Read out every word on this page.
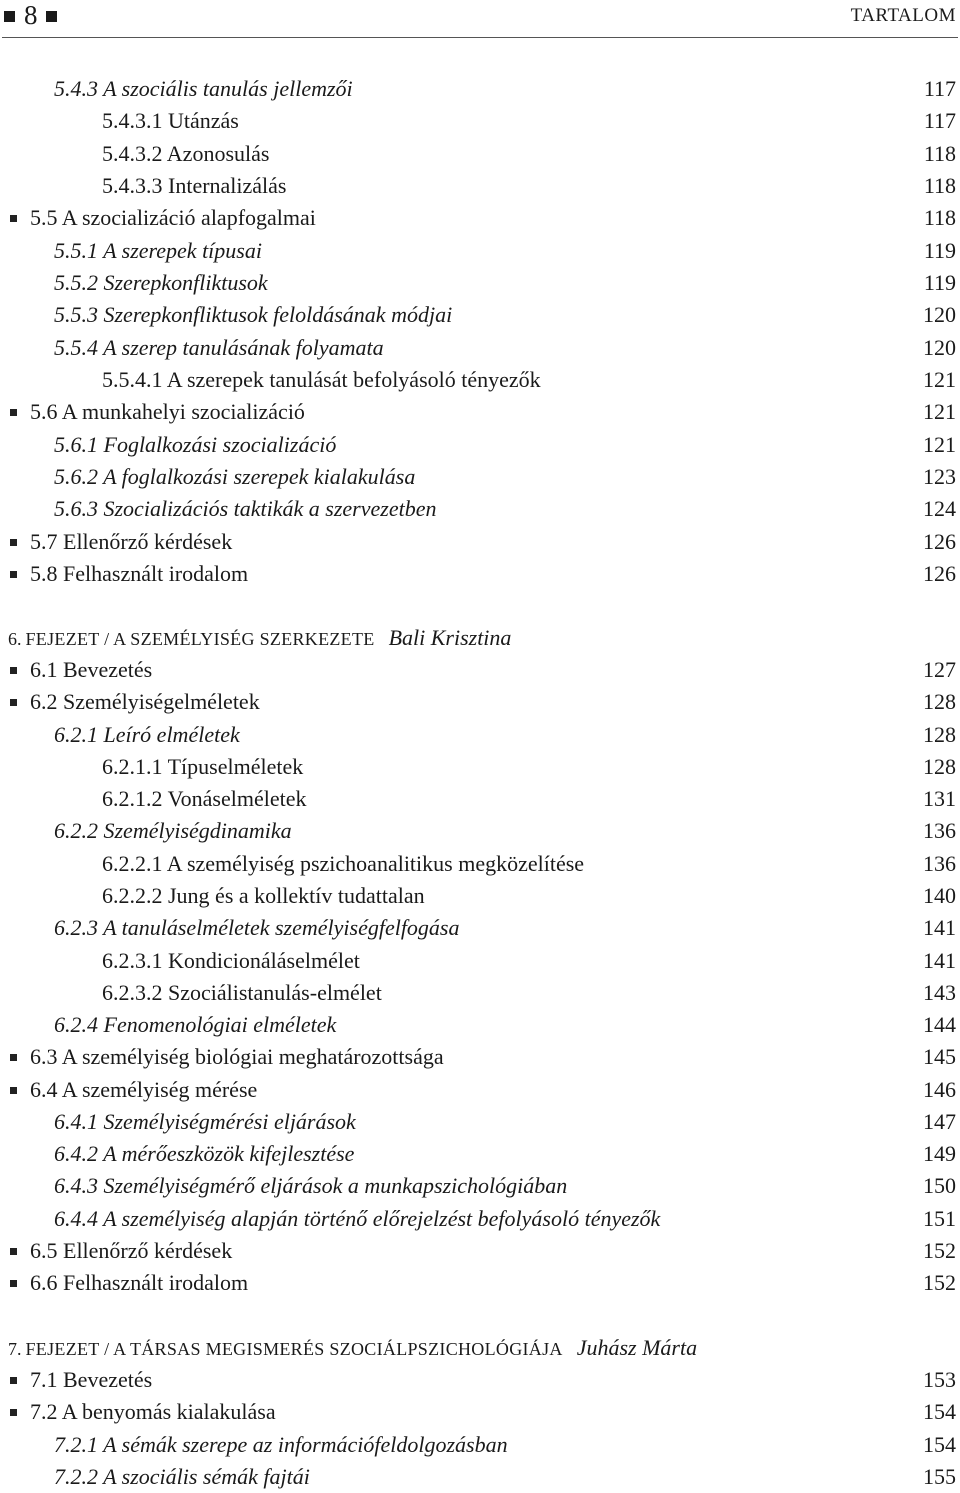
8	TARTALOM
5.4.3 A szociális tanulás jellemzői	117
5.4.3.1 Utánzás	117
5.4.3.2 Azonosulás	118
5.4.3.3 Internalizálás	118
5.5 A szocializáció alapfogalmai	118
5.5.1 A szerepek típusai	119
5.5.2 Szerepkonfliktusok	119
5.5.3 Szerepkonfliktusok feloldásának módjai	120
5.5.4 A szerep tanulásának folyamata	120
5.5.4.1 A szerepek tanulását befolyásoló tényezők	121
5.6 A munkahelyi szocializáció	121
5.6.1 Foglalkozási szocializáció	121
5.6.2 A foglalkozási szerepek kialakulása	123
5.6.3 Szocializációs taktikák a szervezetben	124
5.7 Ellenőrző kérdések	126
5.8 Felhasznált irodalom	126
6. FEJEZET / A SZEMÉLYISÉG SZERKEZETE Bali Krisztina
6.1 Bevezetés	127
6.2 Személyiségelméletek	128
6.2.1 Leíró elméletek	128
6.2.1.1 Típuselméletek	128
6.2.1.2 Vonáselméletek	131
6.2.2 Személyiségdinamika	136
6.2.2.1 A személyiség pszichoanalitikus megközelítése	136
6.2.2.2 Jung és a kollektív tudattalan	140
6.2.3 A tanuláselméletek személyiségfelfogása	141
6.2.3.1 Kondicionáláselmélet	141
6.2.3.2 Szociálistanulás-elmélet	143
6.2.4 Fenomenológiai elméletek	144
6.3 A személyiség biológiai meghatározottsága	145
6.4 A személyiség mérése	146
6.4.1 Személyiségmérési eljárások	147
6.4.2 A mérőeszközök kifejlesztése	149
6.4.3 Személyiségmérő eljárások a munkapszichológiában	150
6.4.4 A személyiség alapján történő előrejelzést befolyásoló tényezők	151
6.5 Ellenőrző kérdések	152
6.6 Felhasznált irodalom	152
7. FEJEZET / A TÁRSAS MEGISMERÉS SZOCIÁLPSZICHOLÓGIÁJA Juhász Márta
7.1 Bevezetés	153
7.2 A benyomás kialakulása	154
7.2.1 A sémák szerepe az információfeldolgozásban	154
7.2.2 A szociális sémák fajtái	155
